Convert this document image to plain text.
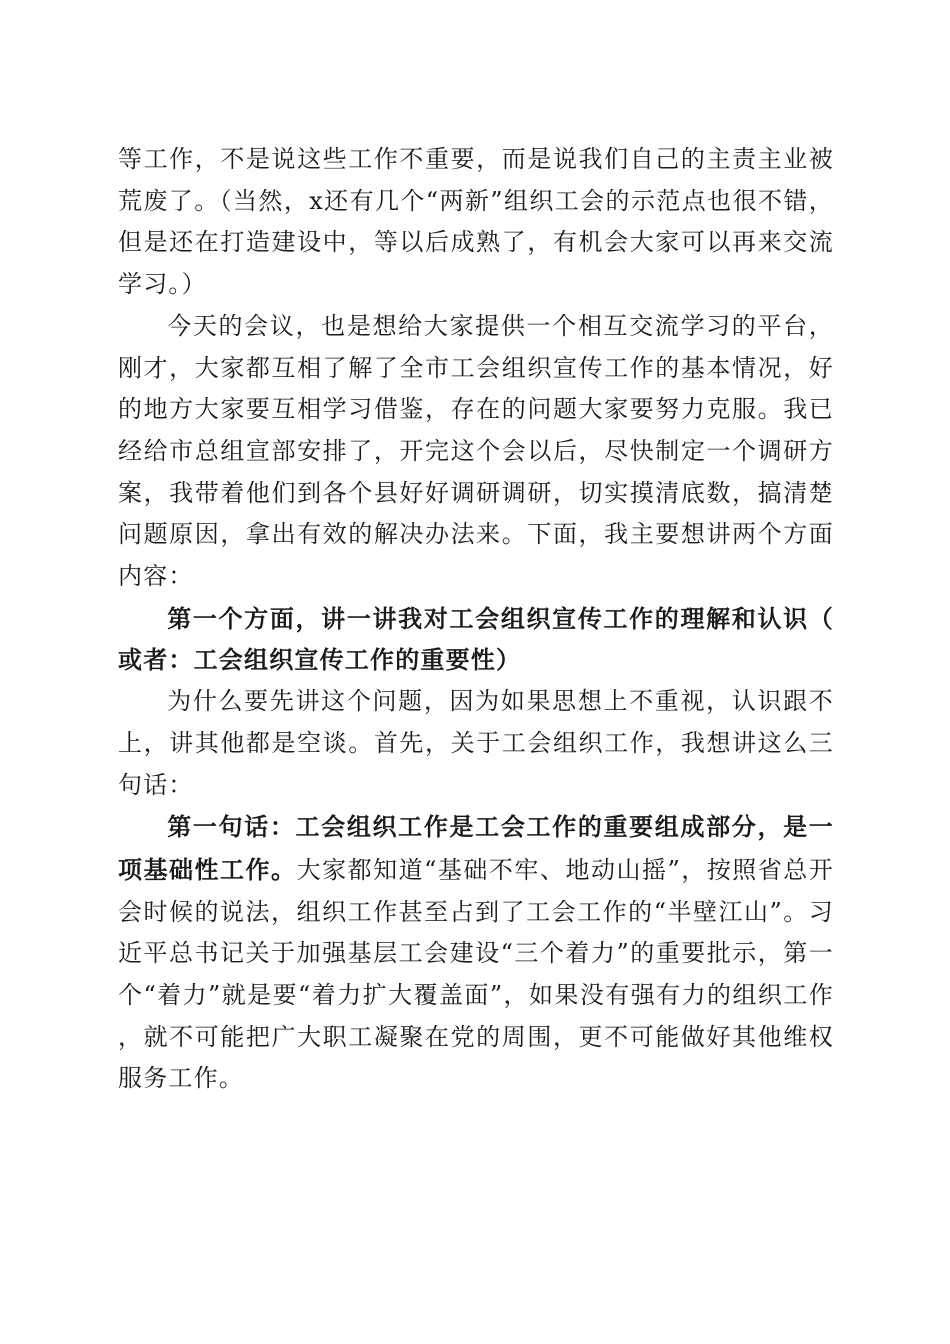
等工作，不是说这些工作不重要，而是说我们自己的主责主业被荒废了。（当然，x还有几个“两新”组织工会的示范点也很不错，但是还在打造建设中，等以后成熟了，有机会大家可以再来交流学习。）

今天的会议，也是想给大家提供一个相互交流学习的平台，刚才，大家都互相了解了全市工会组织宣传工作的基本情况，好的地方大家要互相学习借鉴，存在的问题大家要努力克服。我已经给市总组宣部安排了，开完这个会以后，尽快制定一个调研方案，我带着他们到各个县好好调研调研，切实摸清底数，搞清楚问题原因，拿出有效的解决办法来。下面，我主要想讲两个方面内容：

第一个方面，讲一讲我对工会组织宣传工作的理解和认识（或者：工会组织宣传工作的重要性）

为什么要先讲这个问题，因为如果思想上不重视，认识跟不上，讲其他都是空谈。首先，关于工会组织工作，我想讲这么三句话：

第一句话：工会组织工作是工会工作的重要组成部分，是一项基础性工作。大家都知道“基础不牢、地动山摇”，按照省总开会时候的说法，组织工作甚至占到了工会工作的“半壁江山”。习近平总书记关于加强基层工会建设“三个着力”的重要批示，第一个“着力”就是要“着力扩大覆盖面”，如果没有强有力的组织工作，就不可能把广大职工凝聚在党的周围，更不可能做好其他维权服务工作。
